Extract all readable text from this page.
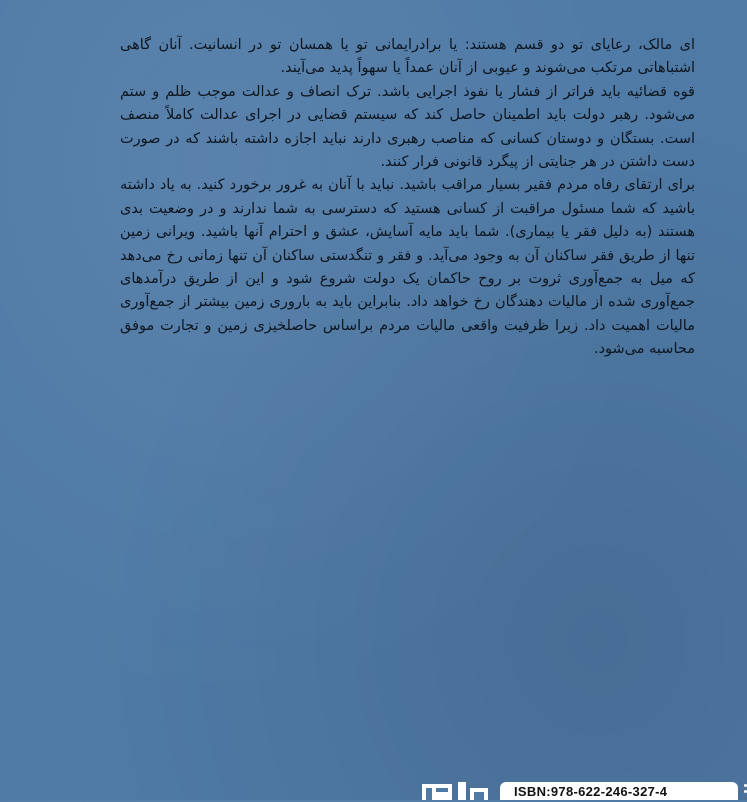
ای مالک، رعایای تو دو قسم هستند: یا برادرایمانی تو یا همسان تو در انسانیت. آنان گاهی اشتباهاتی مرتکب می‌شوند و عیوبی از آنان عمداً یا سهواً پدید می‌آیند.

قوه قضائیه باید فراتر از فشار یا نفوذ اجرایی باشد. ترک انصاف و عدالت موجب ظلم و ستم می‌شود. رهبر دولت باید اطمینان حاصل کند که سیستم قضایی در اجرای عدالت کاملاً منصف است. بستگان و دوستان کسانی که مناصب رهبری دارند نباید اجازه داشته باشند که در صورت دست داشتن در هر جنایتی از پیگرد قانونی فرار کنند.

برای ارتقای رفاه مردم فقیر بسیار مراقب باشید. نباید با آنان به غرور برخورد کنید. به یاد داشته باشید که شما مسئول مراقبت از کسانی هستید که دسترسی به شما ندارند و در وضعیت بدی هستند (به دلیل فقر یا بیماری). شما باید مایه آسایش، عشق و احترام آنها باشید. ویرانی زمین تنها از طریق فقر ساکنان آن به وجود می‌آید. و فقر و تنگدستی ساکنان آن تنها زمانی رخ می‌دهد که میل به جمع‌آوری ثروت بر روح حاکمان یک دولت شروع شود و این از طریق درآمدهای جمع‌آوری شده از مالیات دهندگان رخ خواهد داد. بنابراین باید به باروری زمین بیشتر از جمع‌آوری مالیات اهمیت داد. زیرا ظرفیت واقعی مالیات مردم براساس حاصلخیزی زمین و تجارت موفق محاسبه می‌شود.

ISBN:978-622-246-327-4
